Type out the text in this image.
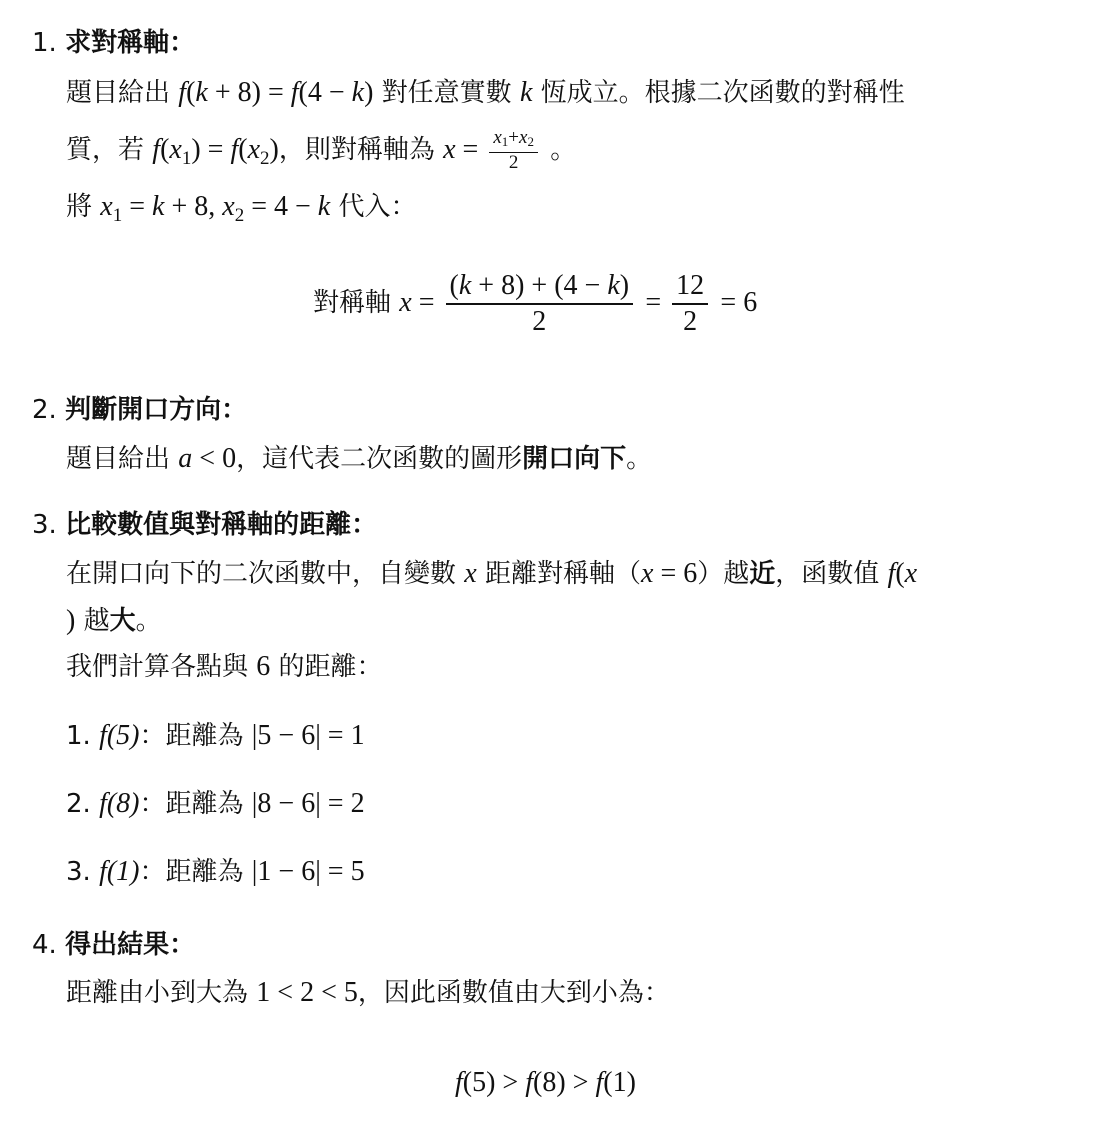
1. 求對稱軸：
題目給出 f(k + 8) = f(4 − k) 對任意實數 k 恆成立。根據二次函數的對稱性
質，若 $f(x_1) = f(x_2)$，則對稱軸為 $x = \frac{x1+x2}{2}$ 。
將 $x_1 = k + 8$, $x_2 = 4 - k$ 代入：
對稱軸 $x = \frac{(k + 8) + (4 - k)}{2} = \frac{12}{2} = 6$
2. 判斷開口方向：
題目給出 a < 0，這代表二次函數的圖形開口向下。
3. 比較數值與對稱軸的距離：
在開口向下的二次函數中，自變數 x 距離對稱軸（x = 6）越近，函數值 f(x
) 越大。
我們計算各點與 6 的距離：
1. f(5)：距離為 |5 − 6| = 1
2. f(8)：距離為 |8 − 6| = 2
3. f(1)：距離為 |1 − 6| = 5
4. 得出結果：
距離由小到大為 1 < 2 < 5，因此函數值由大到小為：
f(5) > f(8) > f(1)
